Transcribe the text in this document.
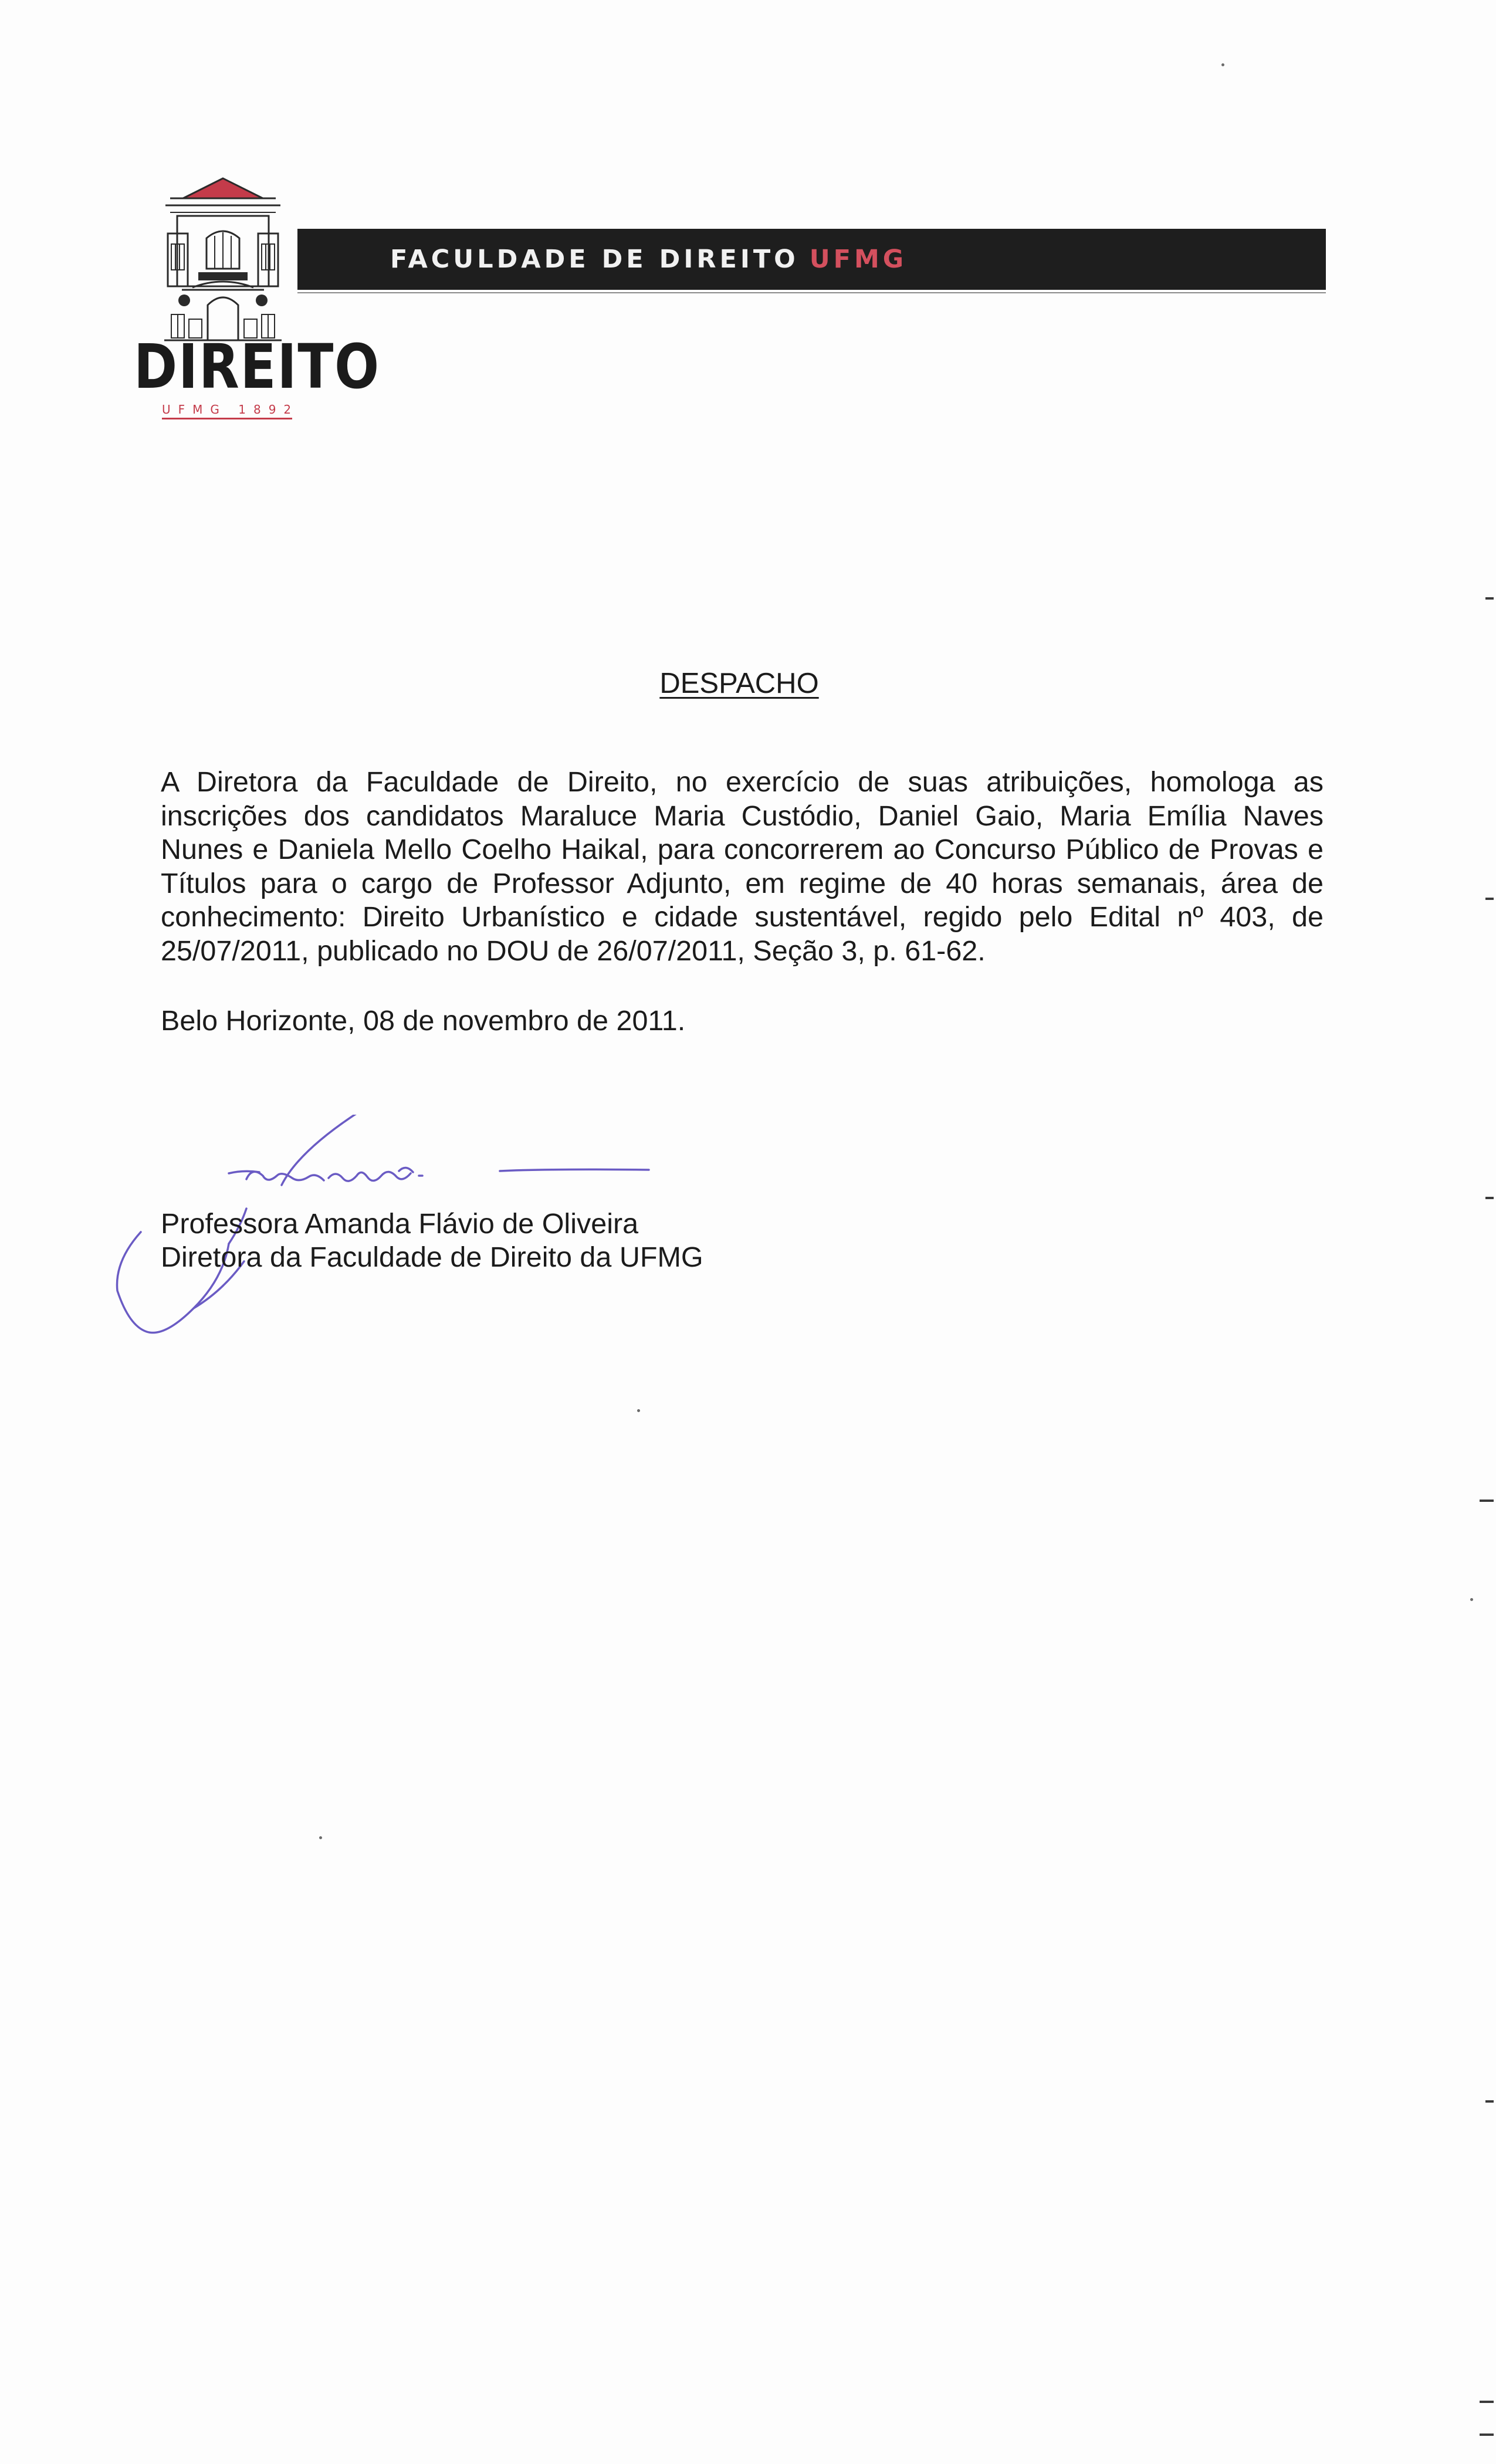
DIREITO
UFMG 1892
FACULDADE DE DIREITO UFMG
DESPACHO

A Diretora da Faculdade de Direito, no exercício de suas atribuições, homologa as inscrições dos candidatos Maraluce Maria Custódio, Daniel Gaio, Maria Emília Naves Nunes e Daniela Mello Coelho Haikal, para concorrerem ao Concurso Público de Provas e Títulos para o cargo de Professor Adjunto, em regime de 40 horas semanais, área de conhecimento: Direito Urbanístico e cidade sustentável, regido pelo Edital nº 403, de 25/07/2011, publicado no DOU de 26/07/2011, Seção 3, p. 61-62.

Belo Horizonte, 08 de novembro de 2011.
Professora Amanda Flávio de Oliveira
Diretora da Faculdade de Direito da UFMG
